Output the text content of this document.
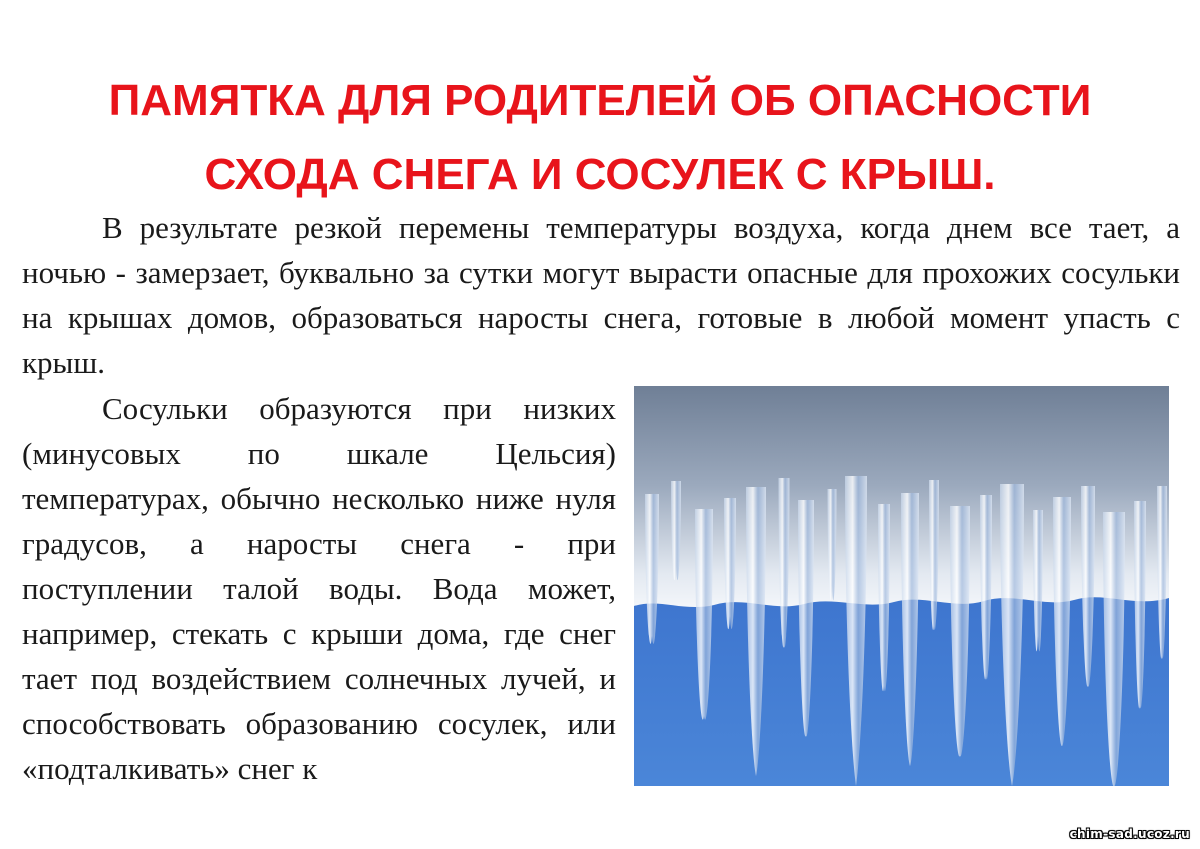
ПАМЯТКА ДЛЯ РОДИТЕЛЕЙ ОБ ОПАСНОСТИ
СХОДА СНЕГА И СОСУЛЕК С КРЫШ.

В результате резкой перемены температуры воздуха, когда днем все тает, а ночью - замерзает, буквально за сутки могут вырасти опасные для прохожих сосульки на крышах домов, образоваться наросты снега, готовые в любой момент упасть с крыш.

Сосульки образуются при низких (минусовых по шкале Цельсия) температурах, обычно несколько ниже нуля градусов, а наросты снега - при поступлении талой воды. Вода может, например, стекать с крыши дома, где снег тает под воздействием солнечных лучей, и способствовать образованию сосулек, или «подталкивать» снег к

chim-sad.ucoz.ru
